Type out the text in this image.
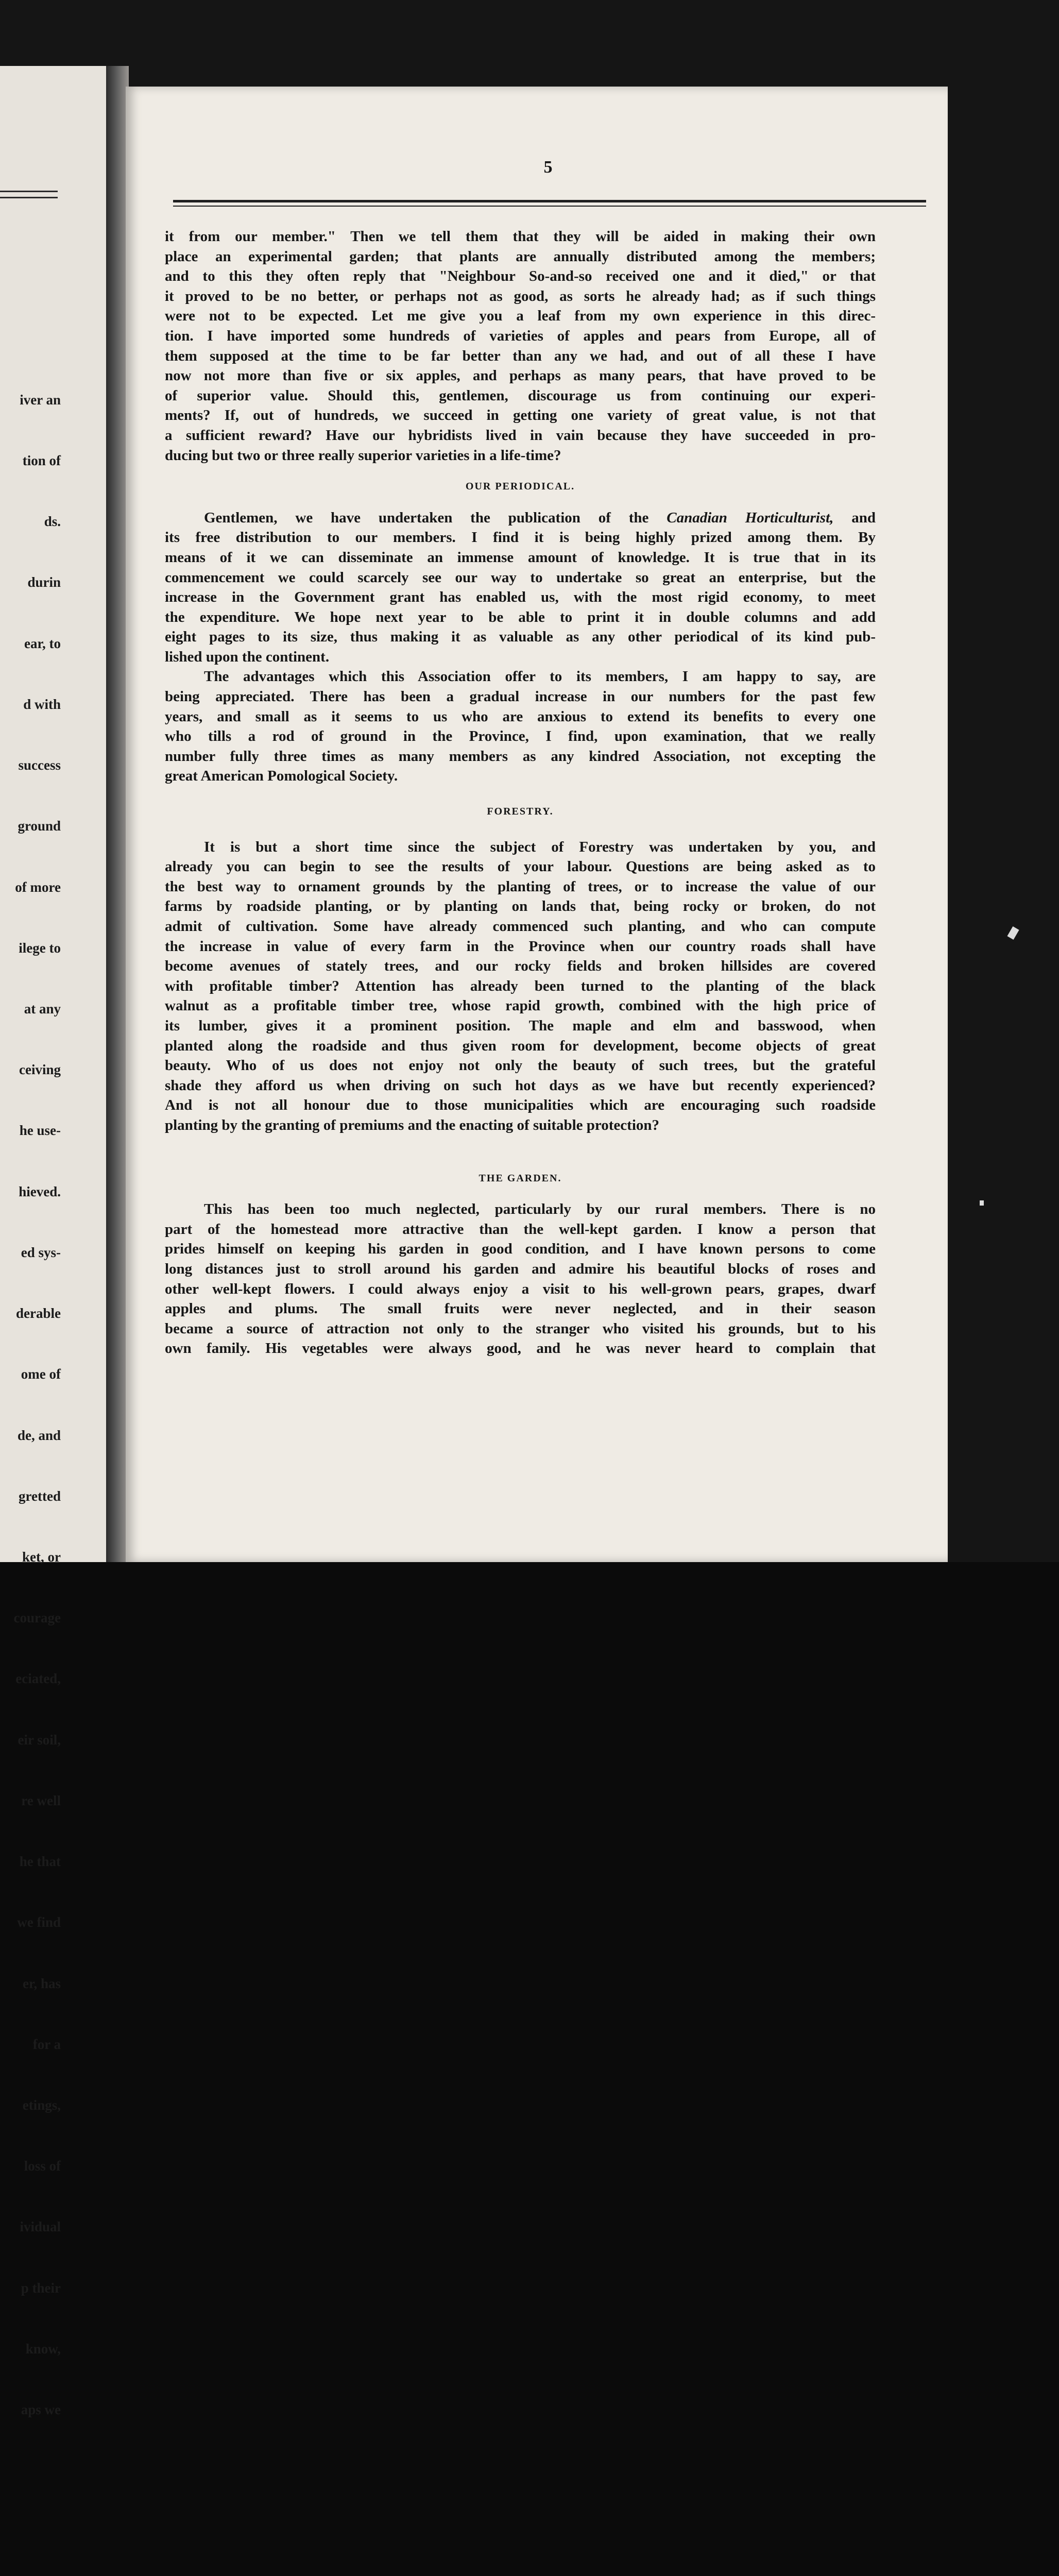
iver an

tion of

ds.

durin

ear, to

d with

success

ground

of more

ilege to

at any

ceiving

he use-

hieved.

ed sys-

derable

ome of

de, and

gretted

ket, or

courage

eciated,

eir soil,

re well

he that

we find

er, has

for a

etings,

loss of

ividual

p their

know,

aps we

5
it from our member." Then we tell them that they will be aided in making their own
place an experimental garden; that plants are annually distributed among the members;
and to this they often reply that "Neighbour So-and-so received one and it died," or that
it proved to be no better, or perhaps not as good, as sorts he already had; as if such things
were not to be expected. Let me give you a leaf from my own experience in this direc-
tion. I have imported some hundreds of varieties of apples and pears from Europe, all of
them supposed at the time to be far better than any we had, and out of all these I have
now not more than five or six apples, and perhaps as many pears, that have proved to be
of superior value. Should this, gentlemen, discourage us from continuing our experi-
ments? If, out of hundreds, we succeed in getting one variety of great value, is not that
a sufficient reward? Have our hybridists lived in vain because they have succeeded in pro-
ducing but two or three really superior varieties in a life-time?
OUR PERIODICAL.
Gentlemen, we have undertaken the publication of the Canadian Horticulturist, and
its free distribution to our members. I find it is being highly prized among them. By
means of it we can disseminate an immense amount of knowledge. It is true that in its
commencement we could scarcely see our way to undertake so great an enterprise, but the
increase in the Government grant has enabled us, with the most rigid economy, to meet
the expenditure. We hope next year to be able to print it in double columns and add
eight pages to its size, thus making it as valuable as any other periodical of its kind pub-
lished upon the continent.
The advantages which this Association offer to its members, I am happy to say, are
being appreciated. There has been a gradual increase in our numbers for the past few
years, and small as it seems to us who are anxious to extend its benefits to every one
who tills a rod of ground in the Province, I find, upon examination, that we really
number fully three times as many members as any kindred Association, not excepting the
great American Pomological Society.
FORESTRY.
It is but a short time since the subject of Forestry was undertaken by you, and
already you can begin to see the results of your labour. Questions are being asked as to
the best way to ornament grounds by the planting of trees, or to increase the value of our
farms by roadside planting, or by planting on lands that, being rocky or broken, do not
admit of cultivation. Some have already commenced such planting, and who can compute
the increase in value of every farm in the Province when our country roads shall have
become avenues of stately trees, and our rocky fields and broken hillsides are covered
with profitable timber? Attention has already been turned to the planting of the black
walnut as a profitable timber tree, whose rapid growth, combined with the high price of
its lumber, gives it a prominent position. The maple and elm and basswood, when
planted along the roadside and thus given room for development, become objects of great
beauty. Who of us does not enjoy not only the beauty of such trees, but the grateful
shade they afford us when driving on such hot days as we have but recently experienced?
And is not all honour due to those municipalities which are encouraging such roadside
planting by the granting of premiums and the enacting of suitable protection?
THE GARDEN.
This has been too much neglected, particularly by our rural members. There is no
part of the homestead more attractive than the well-kept garden. I know a person that
prides himself on keeping his garden in good condition, and I have known persons to come
long distances just to stroll around his garden and admire his beautiful blocks of roses and
other well-kept flowers. I could always enjoy a visit to his well-grown pears, grapes, dwarf
apples and plums. The small fruits were never neglected, and in their season
became a source of attraction not only to the stranger who visited his grounds, but to his
own family. His vegetables were always good, and he was never heard to complain that
